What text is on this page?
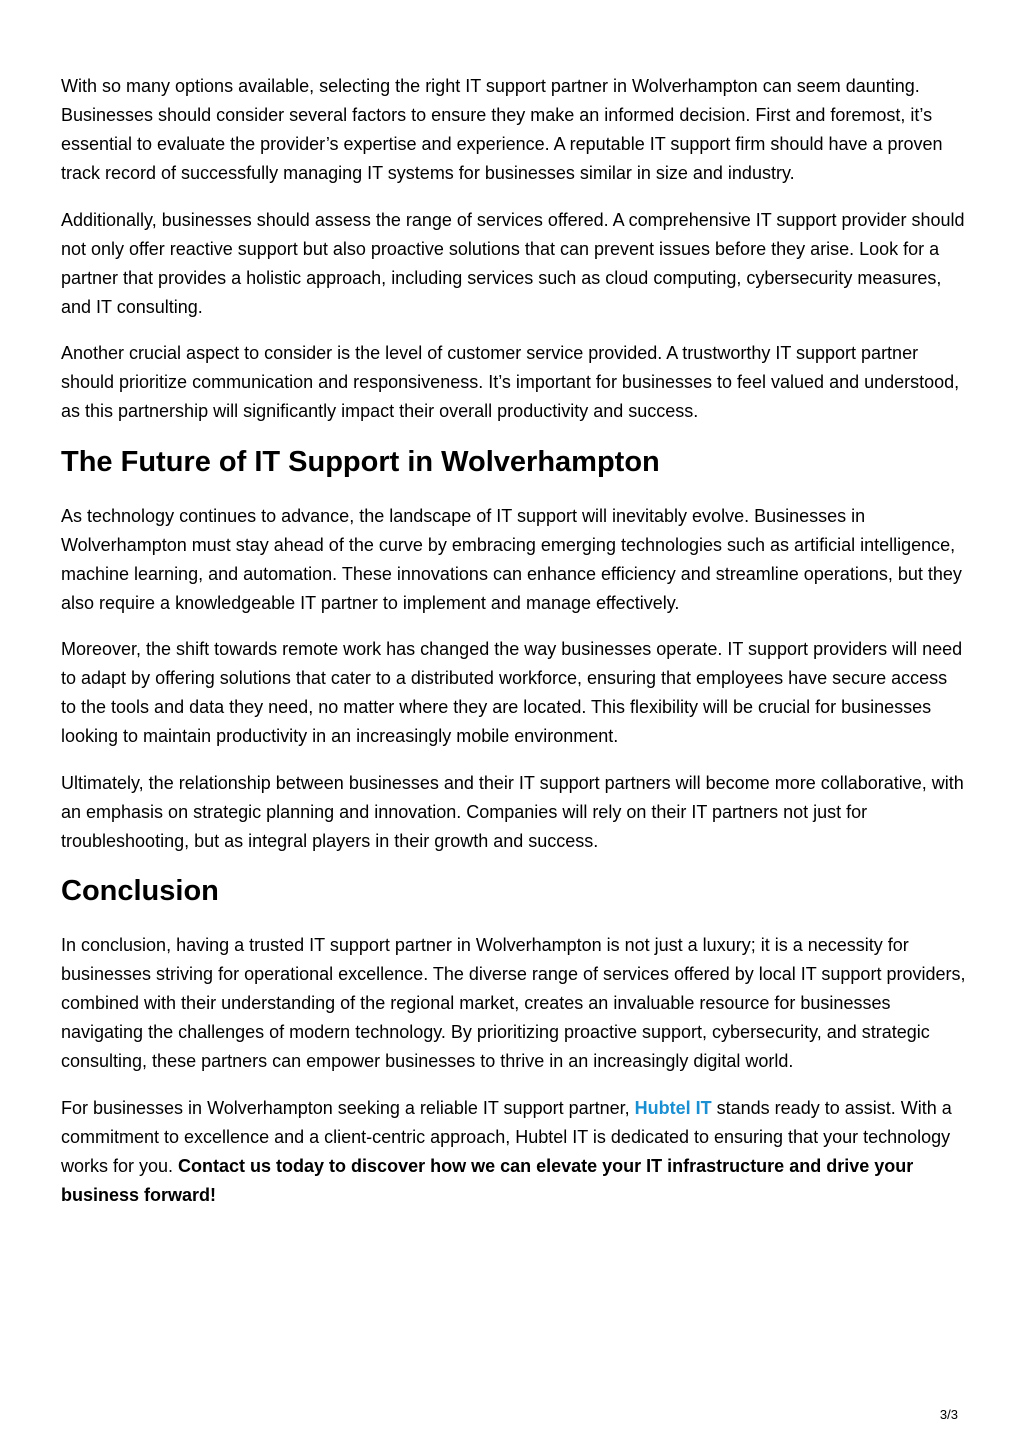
With so many options available, selecting the right IT support partner in Wolverhampton can seem daunting. Businesses should consider several factors to ensure they make an informed decision. First and foremost, it’s essential to evaluate the provider’s expertise and experience. A reputable IT support firm should have a proven track record of successfully managing IT systems for businesses similar in size and industry.

Additionally, businesses should assess the range of services offered. A comprehensive IT support provider should not only offer reactive support but also proactive solutions that can prevent issues before they arise. Look for a partner that provides a holistic approach, including services such as cloud computing, cybersecurity measures, and IT consulting.

Another crucial aspect to consider is the level of customer service provided. A trustworthy IT support partner should prioritize communication and responsiveness. It’s important for businesses to feel valued and understood, as this partnership will significantly impact their overall productivity and success.

The Future of IT Support in Wolverhampton

As technology continues to advance, the landscape of IT support will inevitably evolve. Businesses in Wolverhampton must stay ahead of the curve by embracing emerging technologies such as artificial intelligence, machine learning, and automation. These innovations can enhance efficiency and streamline operations, but they also require a knowledgeable IT partner to implement and manage effectively.

Moreover, the shift towards remote work has changed the way businesses operate. IT support providers will need to adapt by offering solutions that cater to a distributed workforce, ensuring that employees have secure access to the tools and data they need, no matter where they are located. This flexibility will be crucial for businesses looking to maintain productivity in an increasingly mobile environment.

Ultimately, the relationship between businesses and their IT support partners will become more collaborative, with an emphasis on strategic planning and innovation. Companies will rely on their IT partners not just for troubleshooting, but as integral players in their growth and success.

Conclusion

In conclusion, having a trusted IT support partner in Wolverhampton is not just a luxury; it is a necessity for businesses striving for operational excellence. The diverse range of services offered by local IT support providers, combined with their understanding of the regional market, creates an invaluable resource for businesses navigating the challenges of modern technology. By prioritizing proactive support, cybersecurity, and strategic consulting, these partners can empower businesses to thrive in an increasingly digital world.

For businesses in Wolverhampton seeking a reliable IT support partner, Hubtel IT stands ready to assist. With a commitment to excellence and a client-centric approach, Hubtel IT is dedicated to ensuring that your technology works for you. Contact us today to discover how we can elevate your IT infrastructure and drive your business forward!

3/3
